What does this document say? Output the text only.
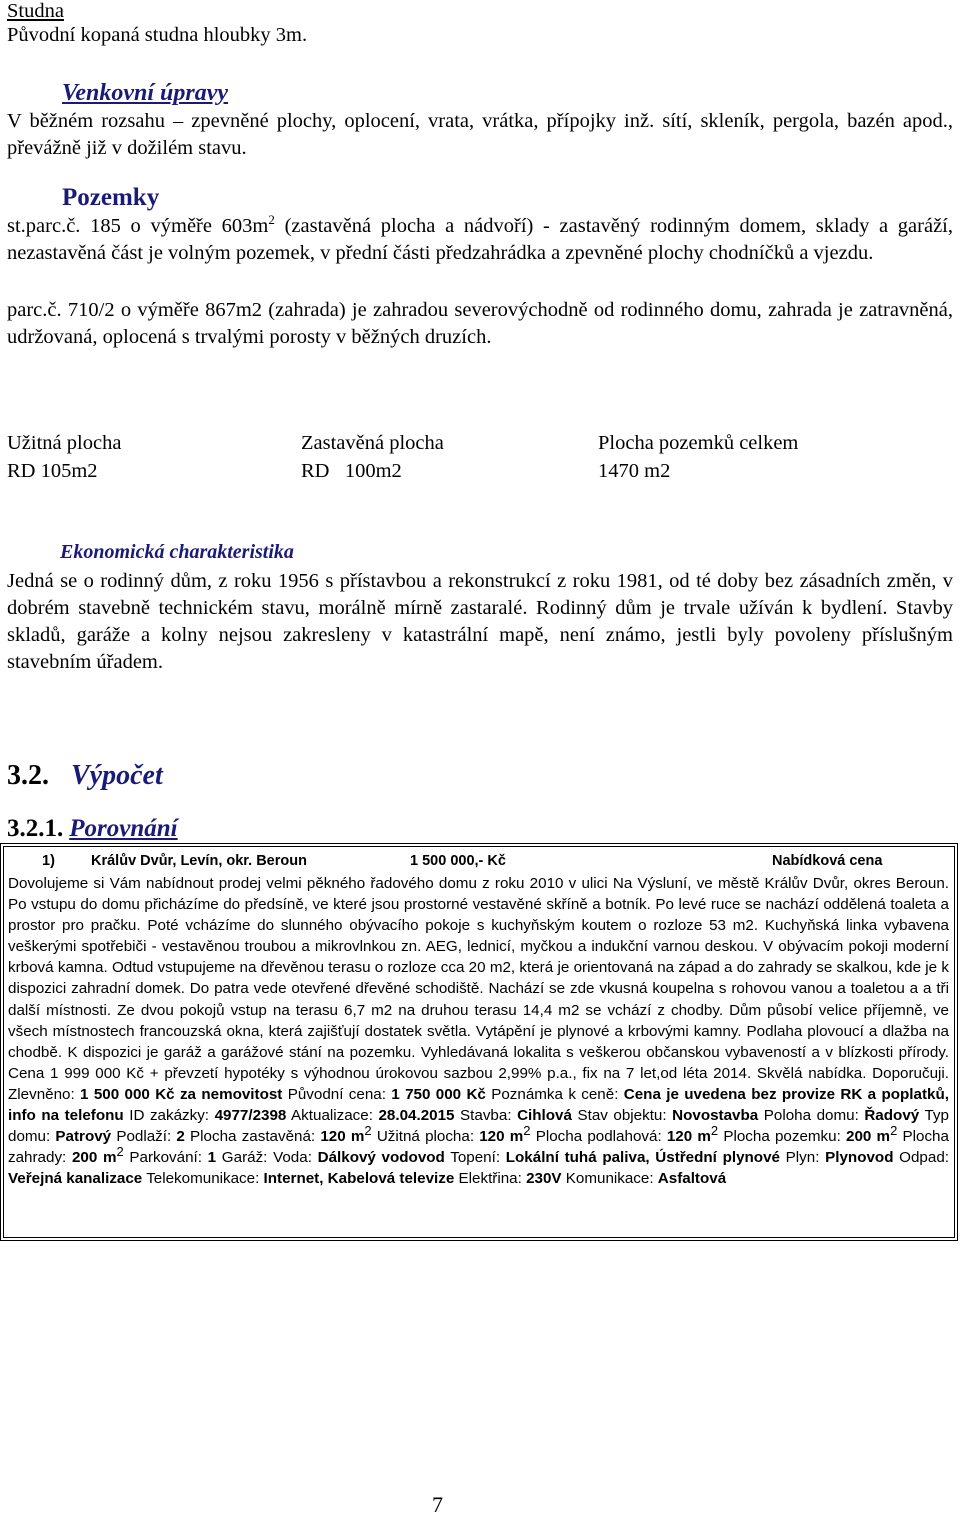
Studna
Původní kopaná studna hloubky 3m.
Venkovní úpravy
V běžném rozsahu – zpevněné plochy, oplocení, vrata, vrátka, přípojky inž. sítí, skleník, pergola, bazén apod., převážně již v dožilém stavu.
Pozemky
st.parc.č. 185 o výměře $603m^2$ (zastavěná plocha a nádvoří) - zastavěný rodinným domem, sklady a garáží, nezastavěná část je volným pozemek, v přední části předzahrádka a zpevněné plochy chodníčků a vjezdu.
parc.č. 710/2 o výměře 867m2 (zahrada) je zahradou severovýchodně od rodinného domu, zahrada je zatravněná, udržovaná, oplocená s trvalými porosty v běžných druzích.
Užitná plocha	Zastavěná plocha	Plocha pozemků celkem
RD 105m2	RD   100m2	1470 m2
Ekonomická charakteristika
Jedná se o rodinný dům, z roku 1956 s přístavbou a rekonstrukcí z roku 1981, od té doby bez zásadních změn, v dobrém stavebně technickém stavu, morálně mírně zastaralé. Rodinný dům je trvale užíván k bydlení. Stavby skladů, garáže a kolny nejsou zakresleny v katastrální mapě, není známo, jestli byly povoleny příslušným stavebním úřadem.
3.2. Výpočet
3.2.1. Porovnání
1) Králův Dvůr, Levín, okr. Beroun	1 500 000,- Kč	Nabídková cena
Dovolujeme si Vám nabídnout prodej velmi pěkného řadového domu z roku 2010 v ulici Na Výsluní, ve městě Králův Dvůr, okres Beroun. Po vstupu do domu přicházíme do předsíně, ve které jsou prostorné vestavěné skříně a botník. Po levé ruce se nachází oddělená toaleta a prostor pro pračku. Poté vcházíme do slunného obývacího pokoje s kuchyňským koutem o rozloze 53 m2. Kuchyňská linka vybavena veškerými spotřebiči - vestavěnou troubou a mikrovlnkou zn. AEG, lednicí, myčkou a indukční varnou deskou. V obývacím pokoji moderní krbová kamna. Odtud vstupujeme na dřevěnou terasu o rozloze cca 20 m2, která je orientovaná na západ a do zahrady se skalkou, kde je k dispozici zahradní domek. Do patra vede otevřené dřevěné schodiště. Nachází se zde vkusná koupelna s rohovou vanou a toaletou a a tři další místnosti. Ze dvou pokojů vstup na terasu 6,7 m2 na druhou terasu 14,4 m2 se vchází z chodby. Dům působí velice příjemně, ve všech místnostech francouzská okna, která zajišťují dostatek světla. Vytápění je plynové a krbovými kamny. Podlaha plovoucí a dlažba na chodbě. K dispozici je garáž a garážové stání na pozemku. Vyhledávaná lokalita s veškerou občanskou vybaveností a v blízkosti přírody. Cena 1 999 000 Kč + převzetí hypotéky s výhodnou úrokovou sazbou 2,99% p.a., fix na 7 let,od léta 2014. Skvělá nabídka. Doporučuji. Zlevněno: 1 500 000 Kč za nemovitost Původní cena: 1 750 000 Kč Poznámka k ceně: Cena je uvedena bez provize RK a poplatků, info na telefonu ID zakázky: 4977/2398 Aktualizace: 28.04.2015 Stavba: Cihlová Stav objektu: Novostavba Poloha domu: Řadový Typ domu: Patrový Podlaží: 2 Plocha zastavěná: 120 $m^2$ Užitná plocha: 120 $m^2$ Plocha podlahová: 120 $m^2$ Plocha pozemku: 200 $m^2$ Plocha zahrady: 200 $m^2$ Parkování: 1 Garáž: Voda: Dálkový vodovod Topení: Lokální tuhá paliva, Ústřední plynové Plyn: Plynovod Odpad: Veřejná kanalizace Telekomunikace: Internet, Kabelová televize Elektřina: 230V Komunikace: Asfaltová
7
